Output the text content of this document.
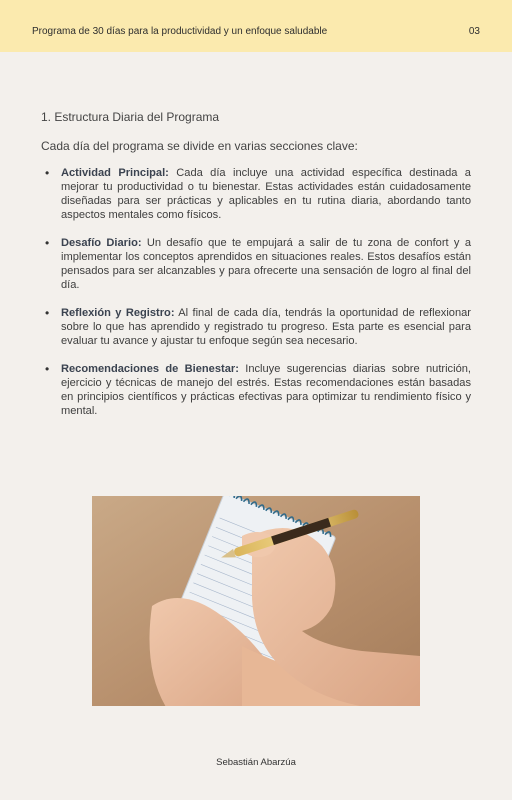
Programa de 30 días para la productividad y un enfoque saludable	03

1. Estructura Diaria del Programa

Cada día del programa se divide en varias secciones clave:

• Actividad Principal: Cada día incluye una actividad específica destinada a mejorar tu productividad o tu bienestar. Estas actividades están cuidadosamente diseñadas para ser prácticas y aplicables en tu rutina diaria, abordando tanto aspectos mentales como físicos.
• Desafío Diario: Un desafío que te empujará a salir de tu zona de confort y a implementar los conceptos aprendidos en situaciones reales. Estos desafíos están pensados para ser alcanzables y para ofrecerte una sensación de logro al final del día.
• Reflexión y Registro: Al final de cada día, tendrás la oportunidad de reflexionar sobre lo que has aprendido y registrado tu progreso. Esta parte es esencial para evaluar tu avance y ajustar tu enfoque según sea necesario.
• Recomendaciones de Bienestar: Incluye sugerencias diarias sobre nutrición, ejercicio y técnicas de manejo del estrés. Estas recomendaciones están basadas en principios científicos y prácticas efectivas para optimizar tu rendimiento físico y mental.
Sebastián Abarzúa
